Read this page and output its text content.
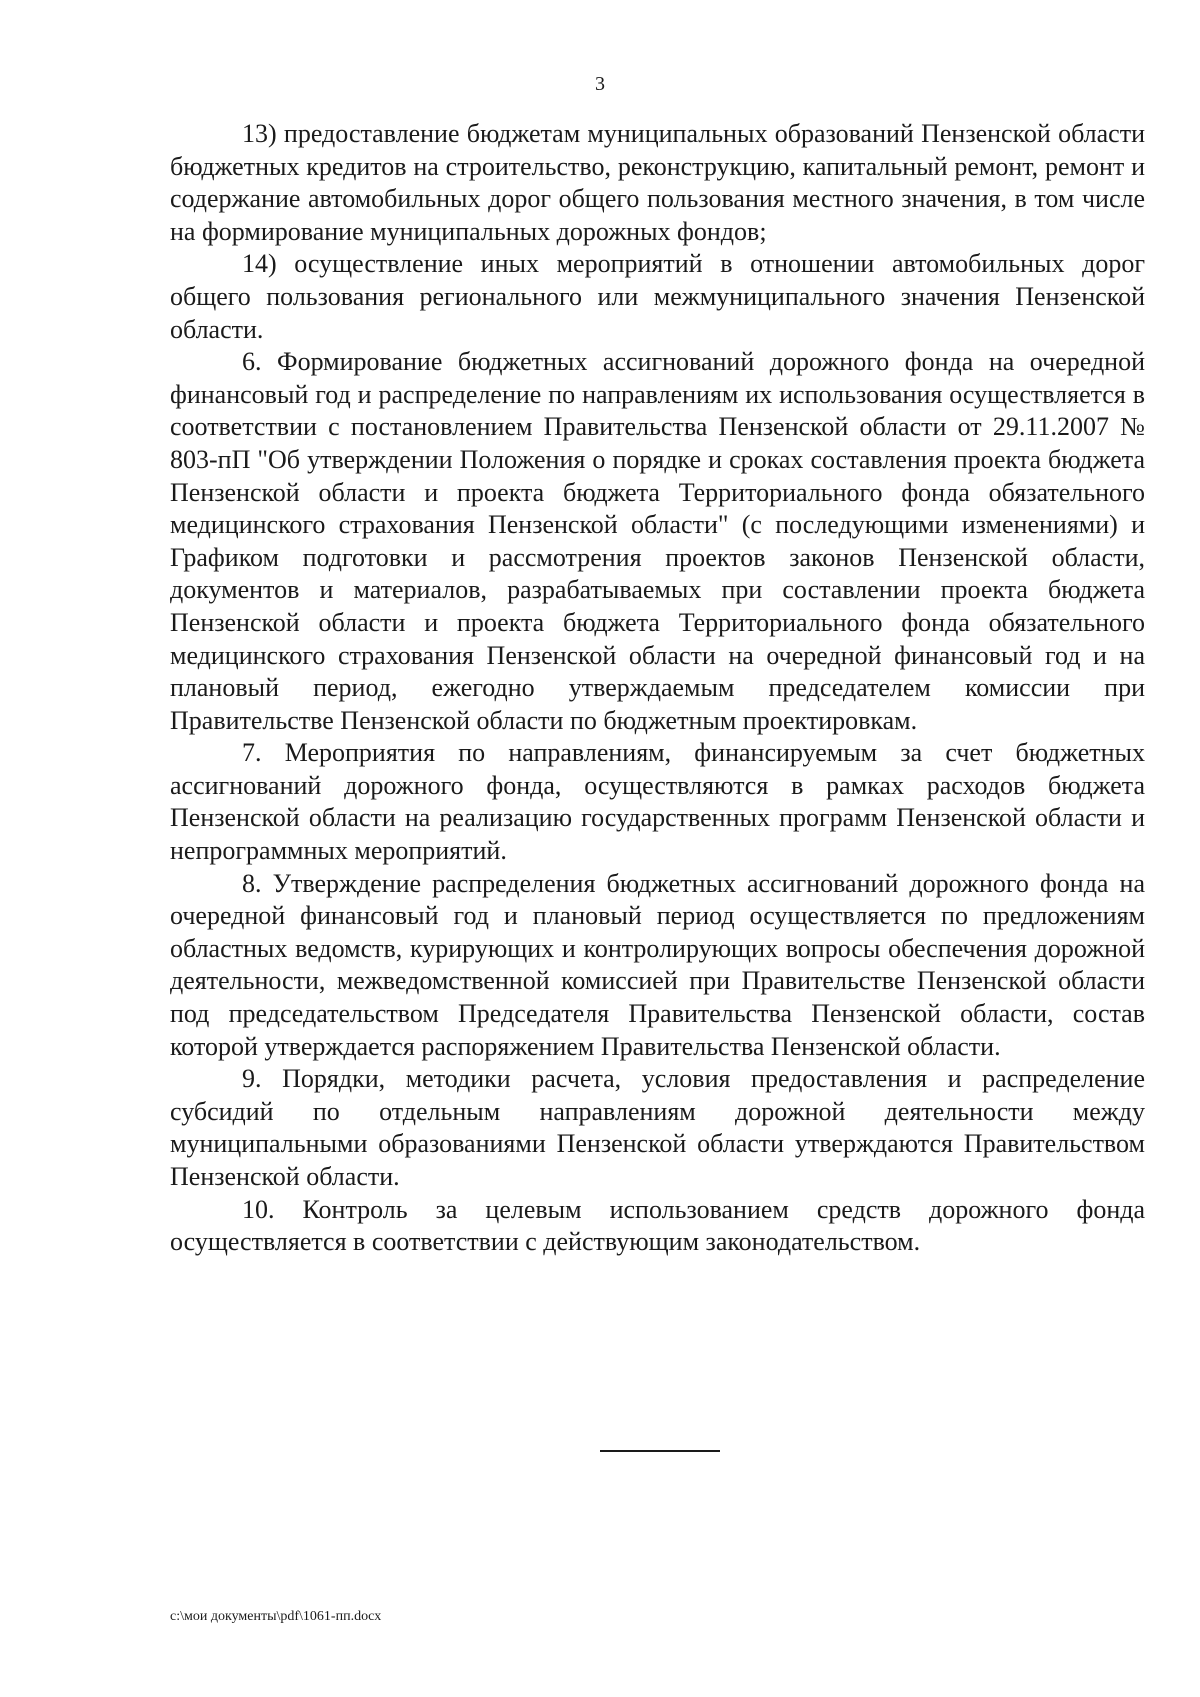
3

13) предоставление бюджетам муниципальных образований Пензенской области бюджетных кредитов на строительство, реконструкцию, капитальный ремонт, ремонт и содержание автомобильных дорог общего пользования местного значения, в том числе на формирование муниципальных дорожных фондов;

14) осуществление иных мероприятий в отношении автомобильных дорог общего пользования регионального или межмуниципального значения Пензенской области.

6. Формирование бюджетных ассигнований дорожного фонда на очередной финансовый год и распределение по направлениям их использования осуществляется в соответствии с постановлением Правительства Пензенской области от 29.11.2007 № 803-пП "Об утверждении Положения о порядке и сроках составления проекта бюджета Пензенской области и проекта бюджета Территориального фонда обязательного медицинского страхования Пензенской области" (с последующими изменениями) и Графиком подготовки и рассмотрения проектов законов Пензенской области, документов и материалов, разрабатываемых при составлении проекта бюджета Пензенской области и проекта бюджета Территориального фонда обязательного медицинского страхования Пензенской области на очередной финансовый год и на плановый период, ежегодно утверждаемым председателем комиссии при Правительстве Пензенской области по бюджетным проектировкам.

7. Мероприятия по направлениям, финансируемым за счет бюджетных ассигнований дорожного фонда, осуществляются в рамках расходов бюджета Пензенской области на реализацию государственных программ Пензенской области и непрограммных мероприятий.

8. Утверждение распределения бюджетных ассигнований дорожного фонда на очередной финансовый год и плановый период осуществляется по предложениям областных ведомств, курирующих и контролирующих вопросы обеспечения дорожной деятельности, межведомственной комиссией при Правительстве Пензенской области под председательством Председателя Правительства Пензенской области, состав которой утверждается распоряжением Правительства Пензенской области.

9. Порядки, методики расчета, условия предоставления и распределение субсидий по отдельным направлениям дорожной деятельности между муниципальными образованиями Пензенской области утверждаются Правительством Пензенской области.

10. Контроль за целевым использованием средств дорожного фонда осуществляется в соответствии с действующим законодательством.

c:\мои документы\pdf\1061-пп.docx
